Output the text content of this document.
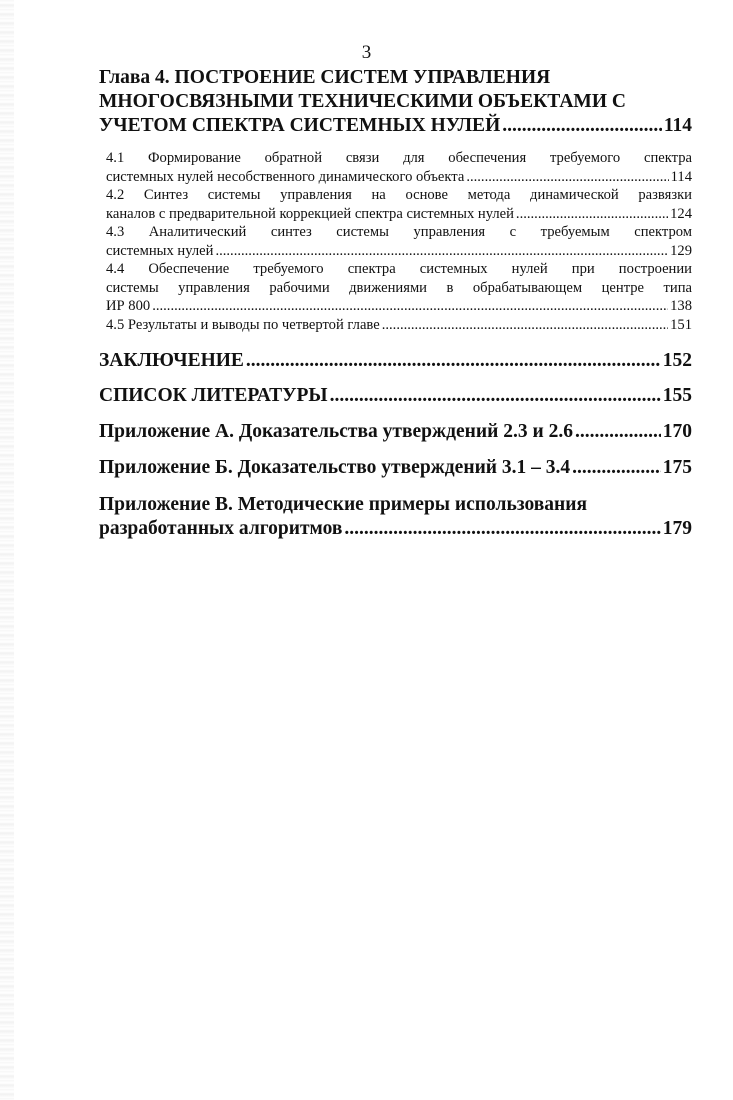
3
Глава 4. ПОСТРОЕНИЕ СИСТЕМ УПРАВЛЕНИЯ
МНОГОСВЯЗНЫМИ ТЕХНИЧЕСКИМИ ОБЪЕКТАМИ С
УЧЕТОМ СПЕКТРА СИСТЕМНЫХ НУЛЕЙ .....	114
4.1 Формирование обратной связи для обеспечения требуемого спектра
системных нулей несобственного динамического объекта .....	114
4.2 Синтез системы управления на основе метода динамической развязки
каналов с предварительной коррекцией спектра системных нулей .....	124
4.3 Аналитический синтез системы управления с требуемым спектром
системных нулей .....	129
4.4 Обеспечение требуемого спектра системных нулей при построении
системы управления рабочими движениями в обрабатывающем центре типа
ИР 800 .....	138
4.5 Результаты и выводы по четвертой главе .....	151
ЗАКЛЮЧЕНИЕ .....	152
СПИСОК ЛИТЕРАТУРЫ .....	155
Приложение А. Доказательства утверждений 2.3 и 2.6 .....	170
Приложение Б. Доказательство утверждений 3.1 – 3.4 .....	175
Приложение В. Методические примеры использования
разработанных алгоритмов .....	179
